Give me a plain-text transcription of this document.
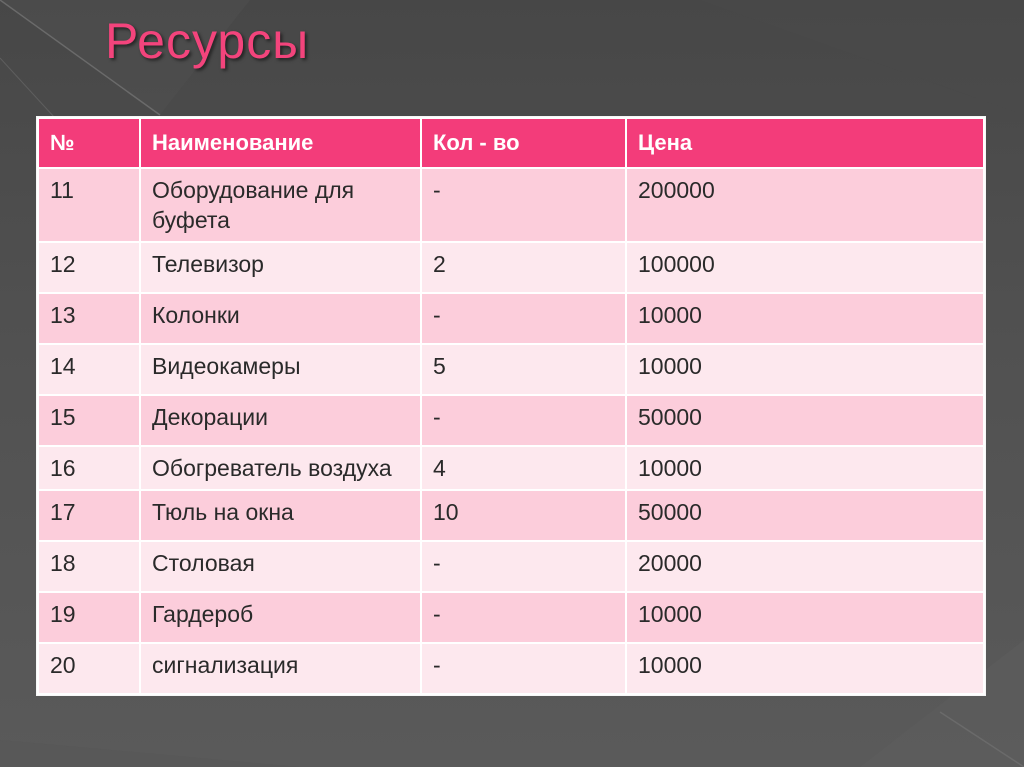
Ресурсы
№	Наименование	Кол - во	Цена
11	Оборудование для буфета	-	200000
12	Телевизор	2	100000
13	Колонки	-	10000
14	Видеокамеры	5	10000
15	Декорации	-	50000
16	Обогреватель воздуха	4	10000
17	Тюль на окна	10	50000
18	Столовая	-	20000
19	Гардероб	-	10000
20	сигнализация	-	10000
